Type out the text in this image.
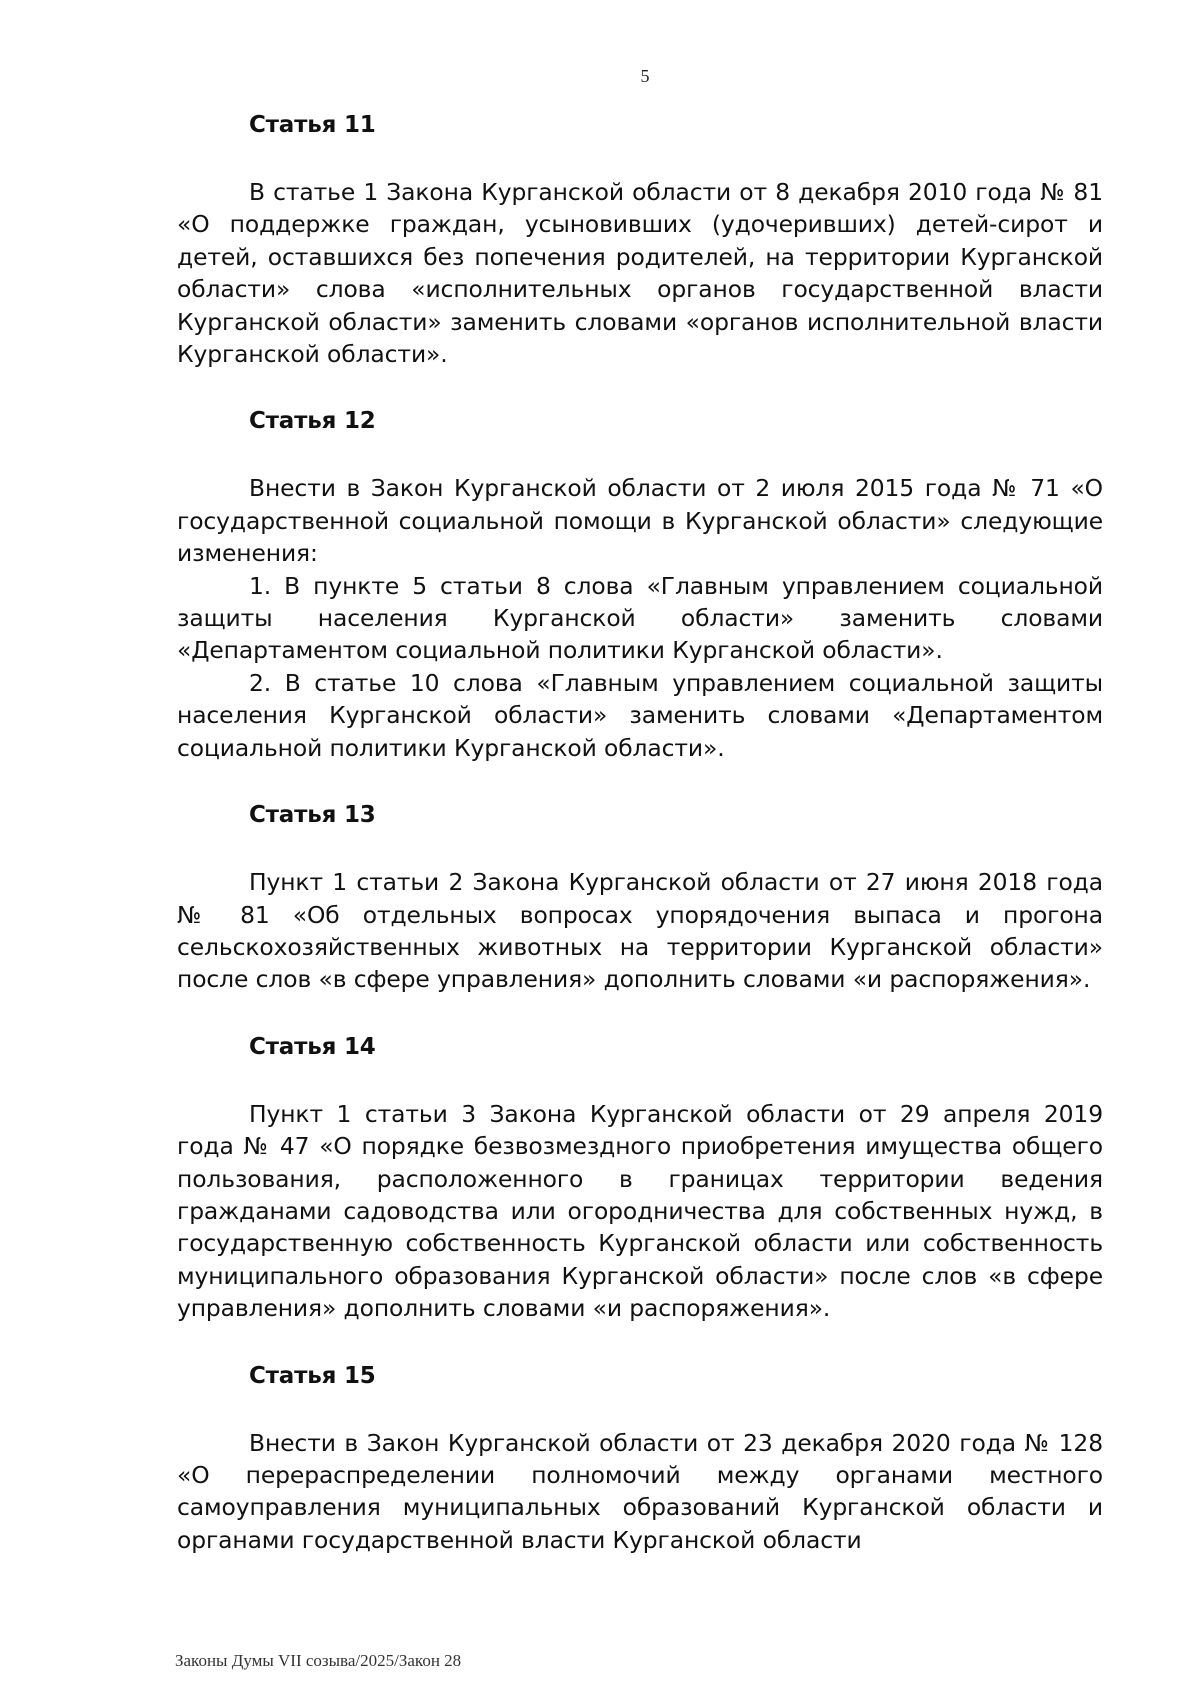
5
Статья 11

В статье 1 Закона Курганской области от 8 декабря 2010 года № 81 «О поддержке граждан, усыновивших (удочеривших) детей-сирот и детей, оставшихся без попечения родителей, на территории Курганской области» слова «исполнительных органов государственной власти Курганской области» заменить словами «органов исполнительной власти Курганской области».

Статья 12

Внести в Закон Курганской области от 2 июля 2015 года № 71 «О государственной социальной помощи в Курганской области» следующие изменения:

1. В пункте 5 статьи 8 слова «Главным управлением социальной защиты населения Курганской области» заменить словами «Департаментом социальной политики Курганской области».

2. В статье 10 слова «Главным управлением социальной защиты населения Курганской области» заменить словами «Департаментом социальной политики Курганской области».

Статья 13

Пункт 1 статьи 2 Закона Курганской области от 27 июня 2018 года № 81 «Об отдельных вопросах упорядочения выпаса и прогона сельскохозяйственных животных на территории Курганской области» после слов «в сфере управления» дополнить словами «и распоряжения».

Статья 14

Пункт 1 статьи 3 Закона Курганской области от 29 апреля 2019 года № 47 «О порядке безвозмездного приобретения имущества общего пользования, расположенного в границах территории ведения гражданами садоводства или огородничества для собственных нужд, в государственную собственность Курганской области или собственность муниципального образования Курганской области» после слов «в сфере управления» дополнить словами «и распоряжения».

Статья 15

Внести в Закон Курганской области от 23 декабря 2020 года № 128 «О перераспределении полномочий между органами местного самоуправления муниципальных образований Курганской области и органами государственной власти Курганской области

Законы Думы VII созыва/2025/Закон 28
